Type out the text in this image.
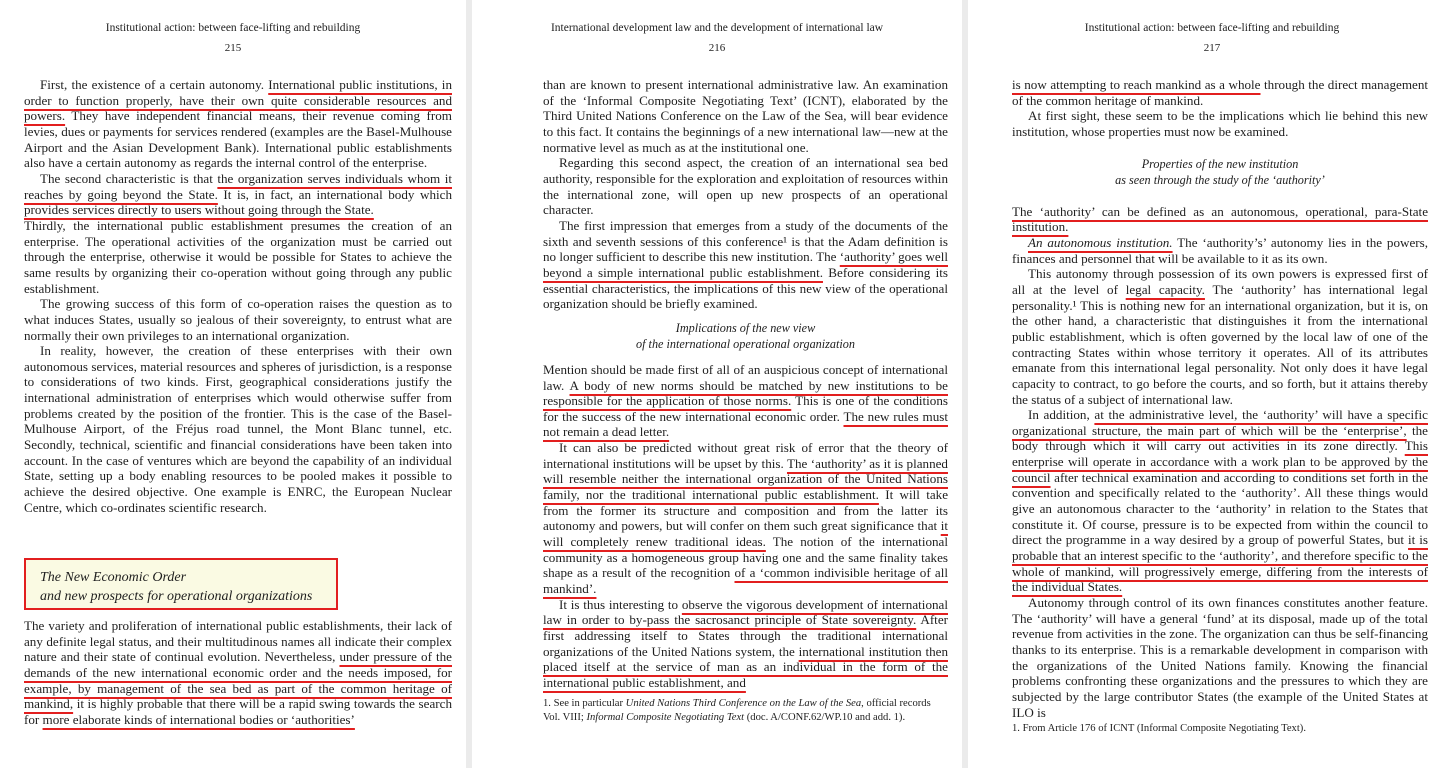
Institutional action: between face-lifting and rebuilding
215

First, the existence of a certain autonomy. International public institutions, in order to function properly, have their own quite considerable resources and powers. They have independent financial means, their revenue coming from levies, dues or payments for services rendered (examples are the Basel-Mulhouse Airport and the Asian Development Bank). International public establishments also have a certain autonomy as regards the internal control of the enterprise.

The second characteristic is that the organization serves individuals whom it reaches by going beyond the State. It is, in fact, an international body which provides services directly to users without going through the State.

Thirdly, the international public establishment presumes the creation of an enterprise. The operational activities of the organization must be carried out through the enterprise, otherwise it would be possible for States to achieve the same results by organizing their co-operation without going through any public establishment.

The growing success of this form of co-operation raises the question as to what induces States, usually so jealous of their sovereignty, to entrust what are normally their own privileges to an international organization.

In reality, however, the creation of these enterprises with their own autonomous services, material resources and spheres of jurisdiction, is a response to considerations of two kinds. First, geographical considerations justify the international administration of enterprises which would otherwise suffer from problems created by the position of the frontier. This is the case of the Basel-Mulhouse Airport, of the Fréjus road tunnel, the Mont Blanc tunnel, etc. Secondly, technical, scientific and financial considerations have been taken into account. In the case of ventures which are beyond the capability of an individual State, setting up a body enabling resources to be pooled makes it possible to achieve the desired objective. One example is ENRC, the European Nuclear Centre, which co-ordinates scientific research.

The New Economic Order
and new prospects for operational organizations

The variety and proliferation of international public establishments, their lack of any definite legal status, and their multitudinous names all indicate their complex nature and their state of continual evolution. Nevertheless, under pressure of the demands of the new international economic order and the needs imposed, for example, by management of the sea bed as part of the common heritage of mankind, it is highly probable that there will be a rapid swing towards the search for more elaborate kinds of international bodies or ‘authorities’

International development law and the development of international law
216

than are known to present international administrative law. An examination of the ‘Informal Composite Negotiating Text’ (ICNT), elaborated by the Third United Nations Conference on the Law of the Sea, will bear evidence to this fact. It contains the beginnings of a new international law—new at the normative level as much as at the institutional one.

Regarding this second aspect, the creation of an international sea bed authority, responsible for the exploration and exploitation of resources within the international zone, will open up new prospects of an operational character.

The first impression that emerges from a study of the documents of the sixth and seventh sessions of this conference¹ is that the Adam definition is no longer sufficient to describe this new institution. The ‘authority’ goes well beyond a simple international public establishment. Before considering its essential characteristics, the implications of this new view of the operational organization should be briefly examined.

Implications of the new view
of the international operational organization

Mention should be made first of all of an auspicious concept of international law. A body of new norms should be matched by new institutions to be responsible for the application of those norms. This is one of the conditions for the success of the new international economic order. The new rules must not remain a dead letter.

It can also be predicted without great risk of error that the theory of international institutions will be upset by this. The ‘authority’ as it is planned will resemble neither the international organization of the United Nations family, nor the traditional international public establishment. It will take from the former its structure and composition and from the latter its autonomy and powers, but will confer on them such great significance that it will completely renew traditional ideas. The notion of the international community as a homogeneous group having one and the same finality takes shape as a result of the recognition of a ‘common indivisible heritage of all mankind’.

It is thus interesting to observe the vigorous development of international law in order to by-pass the sacrosanct principle of State sovereignty. After first addressing itself to States through the traditional international organizations of the United Nations system, the international institution then placed itself at the service of man as an individual in the form of the international public establishment, and

1. See in particular United Nations Third Conference on the Law of the Sea, official records Vol. VIII; Informal Composite Negotiating Text (doc. A/CONF.62/WP.10 and add. 1).
Institutional action: between face-lifting and rebuilding
217

is now attempting to reach mankind as a whole through the direct management of the common heritage of mankind.

At first sight, these seem to be the implications which lie behind this new institution, whose properties must now be examined.

Properties of the new institution
as seen through the study of the ‘authority’

The ‘authority’ can be defined as an autonomous, operational, para-State institution.

An autonomous institution. The ‘authority’s’ autonomy lies in the powers, finances and personnel that will be available to it as its own.

This autonomy through possession of its own powers is expressed first of all at the level of legal capacity. The ‘authority’ has international legal personality.¹ This is nothing new for an international organization, but it is, on the other hand, a characteristic that distinguishes it from the international public establishment, which is often governed by the local law of one of the contracting States within whose territory it operates. All of its attributes emanate from this international legal personality. Not only does it have legal capacity to contract, to go before the courts, and so forth, but it attains thereby the status of a subject of international law.

In addition, at the administrative level, the ‘authority’ will have a specific organizational structure, the main part of which will be the ‘enterprise’, the body through which it will carry out activities in its zone directly. This enterprise will operate in accordance with a work plan to be approved by the council after technical examination and according to conditions set forth in the convention and specifically related to the ‘authority’. All these things would give an autonomous character to the ‘authority’ in relation to the States that constitute it. Of course, pressure is to be expected from within the council to direct the programme in a way desired by a group of powerful States, but it is probable that an interest specific to the ‘authority’, and therefore specific to the whole of mankind, will progressively emerge, differing from the interests of the individual States.

Autonomy through control of its own finances constitutes another feature. The ‘authority’ will have a general ‘fund’ at its disposal, made up of the total revenue from activities in the zone. The organization can thus be self-financing thanks to its enterprise. This is a remarkable development in comparison with the organizations of the United Nations family. Knowing the financial problems confronting these organizations and the pressures to which they are subjected by the large contributor States (the example of the United States at ILO is

1. From Article 176 of ICNT (Informal Composite Negotiating Text).
